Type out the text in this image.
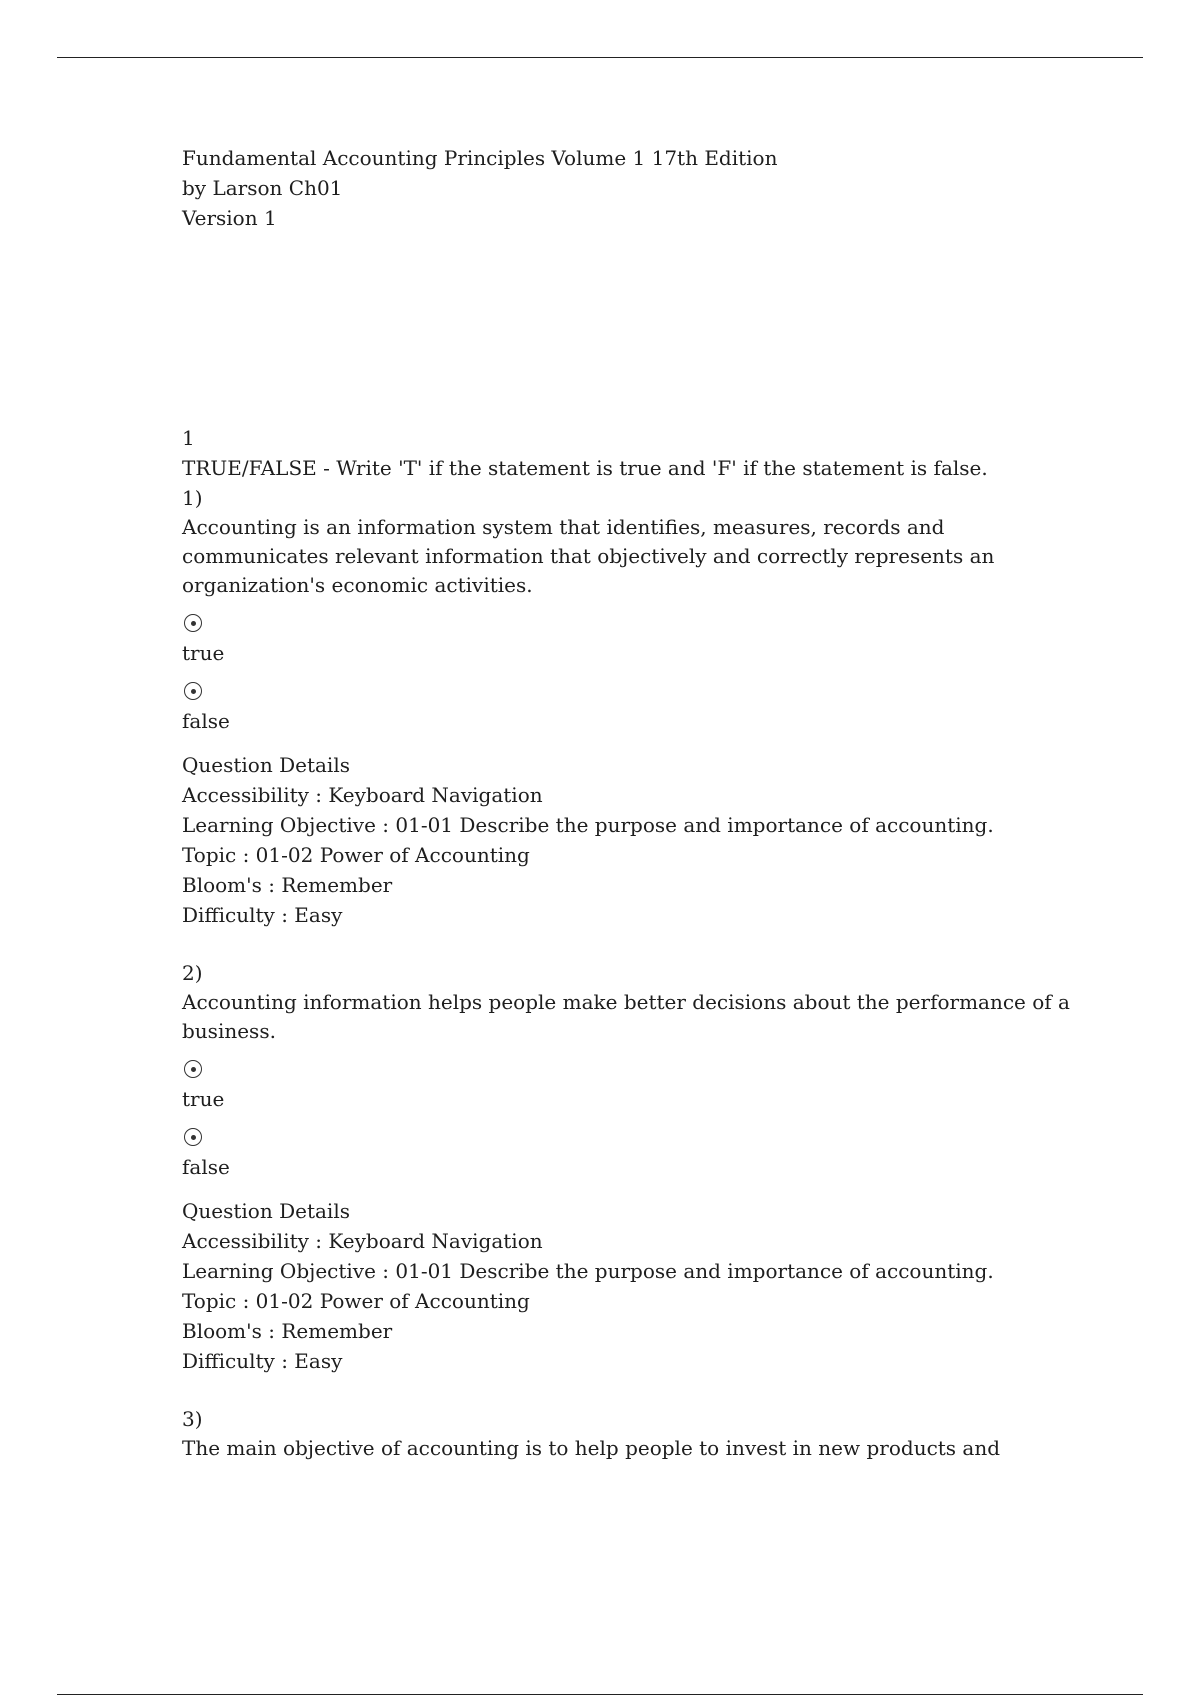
Fundamental Accounting Principles Volume 1 17th Edition
by Larson Ch01
Version 1
1
TRUE/FALSE - Write 'T' if the statement is true and 'F' if the statement is false.
1)
Accounting is an information system that identifies, measures, records and communicates relevant information that objectively and correctly represents an organization's economic activities.
true
false
Question Details
Accessibility : Keyboard Navigation
Learning Objective : 01-01 Describe the purpose and importance of accounting.
Topic : 01-02 Power of Accounting
Bloom's : Remember
Difficulty : Easy
2)
Accounting information helps people make better decisions about the performance of a business.
true
false
Question Details
Accessibility : Keyboard Navigation
Learning Objective : 01-01 Describe the purpose and importance of accounting.
Topic : 01-02 Power of Accounting
Bloom's : Remember
Difficulty : Easy
3)
The main objective of accounting is to help people to invest in new products and
